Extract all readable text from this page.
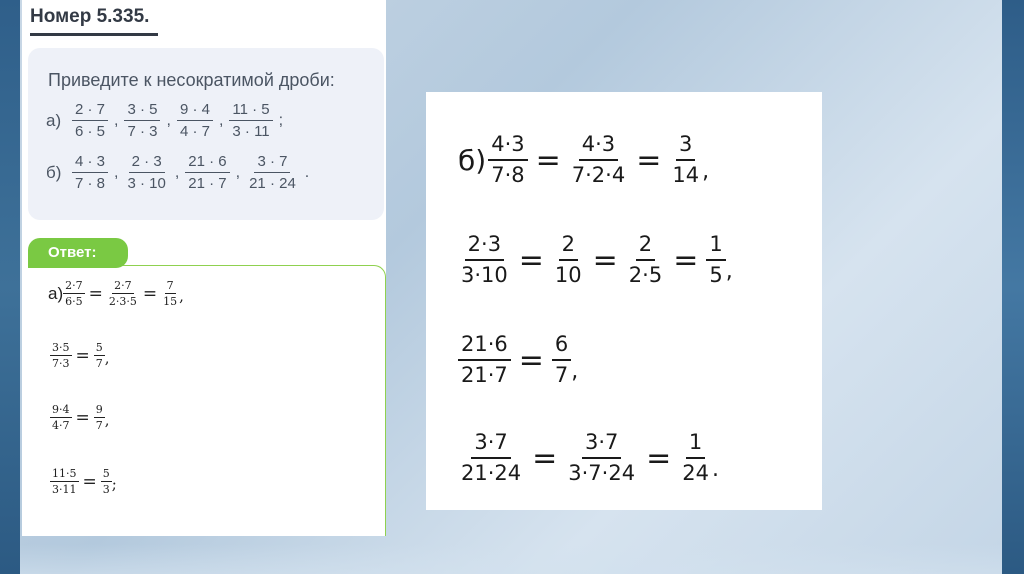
Номер 5.335.
Приведите к несократимой дроби:
$а) \frac{2 \cdot 7}{6 \cdot 5}$ , $\frac{3 \cdot 5}{7 \cdot 3}$ , $\frac{9 \cdot 4}{4 \cdot 7}$ , $\frac{11 \cdot 5}{3 \cdot 11}$ ;
$б) \frac{4 \cdot 3}{7 \cdot 8}$ , $\frac{2 \cdot 3}{3 \cdot 10}$ , $\frac{21 \cdot 6}{21 \cdot 7}$ , $\frac{3 \cdot 7}{21 \cdot 24}$ .
Ответ:
$а) \frac{2\cdot 7}{6\cdot 5} = \frac{2\cdot 7}{2\cdot 3\cdot 5} = \frac{7}{15}$ ,
$\frac{3\cdot 5}{7\cdot 3} = \frac{5}{7}$ ,
$\frac{9\cdot 4}{4\cdot 7} = \frac{9}{7}$ ,
$\frac{11\cdot 5}{3\cdot 11} = \frac{5}{3}$ ;
$б) \frac{4\cdot 3}{7\cdot 8} = \frac{4\cdot 3}{7\cdot 2\cdot 4} = \frac{3}{14}$ ,
$\frac{2\cdot 3}{3\cdot 10} = \frac{2}{10} = \frac{2}{2\cdot 5} = \frac{1}{5}$ ,
$\frac{21\cdot 6}{21\cdot 7} = \frac{6}{7}$ ,
$\frac{3\cdot 7}{21\cdot 24} = \frac{3\cdot 7}{3\cdot 7\cdot 24} = \frac{1}{24}$ .
